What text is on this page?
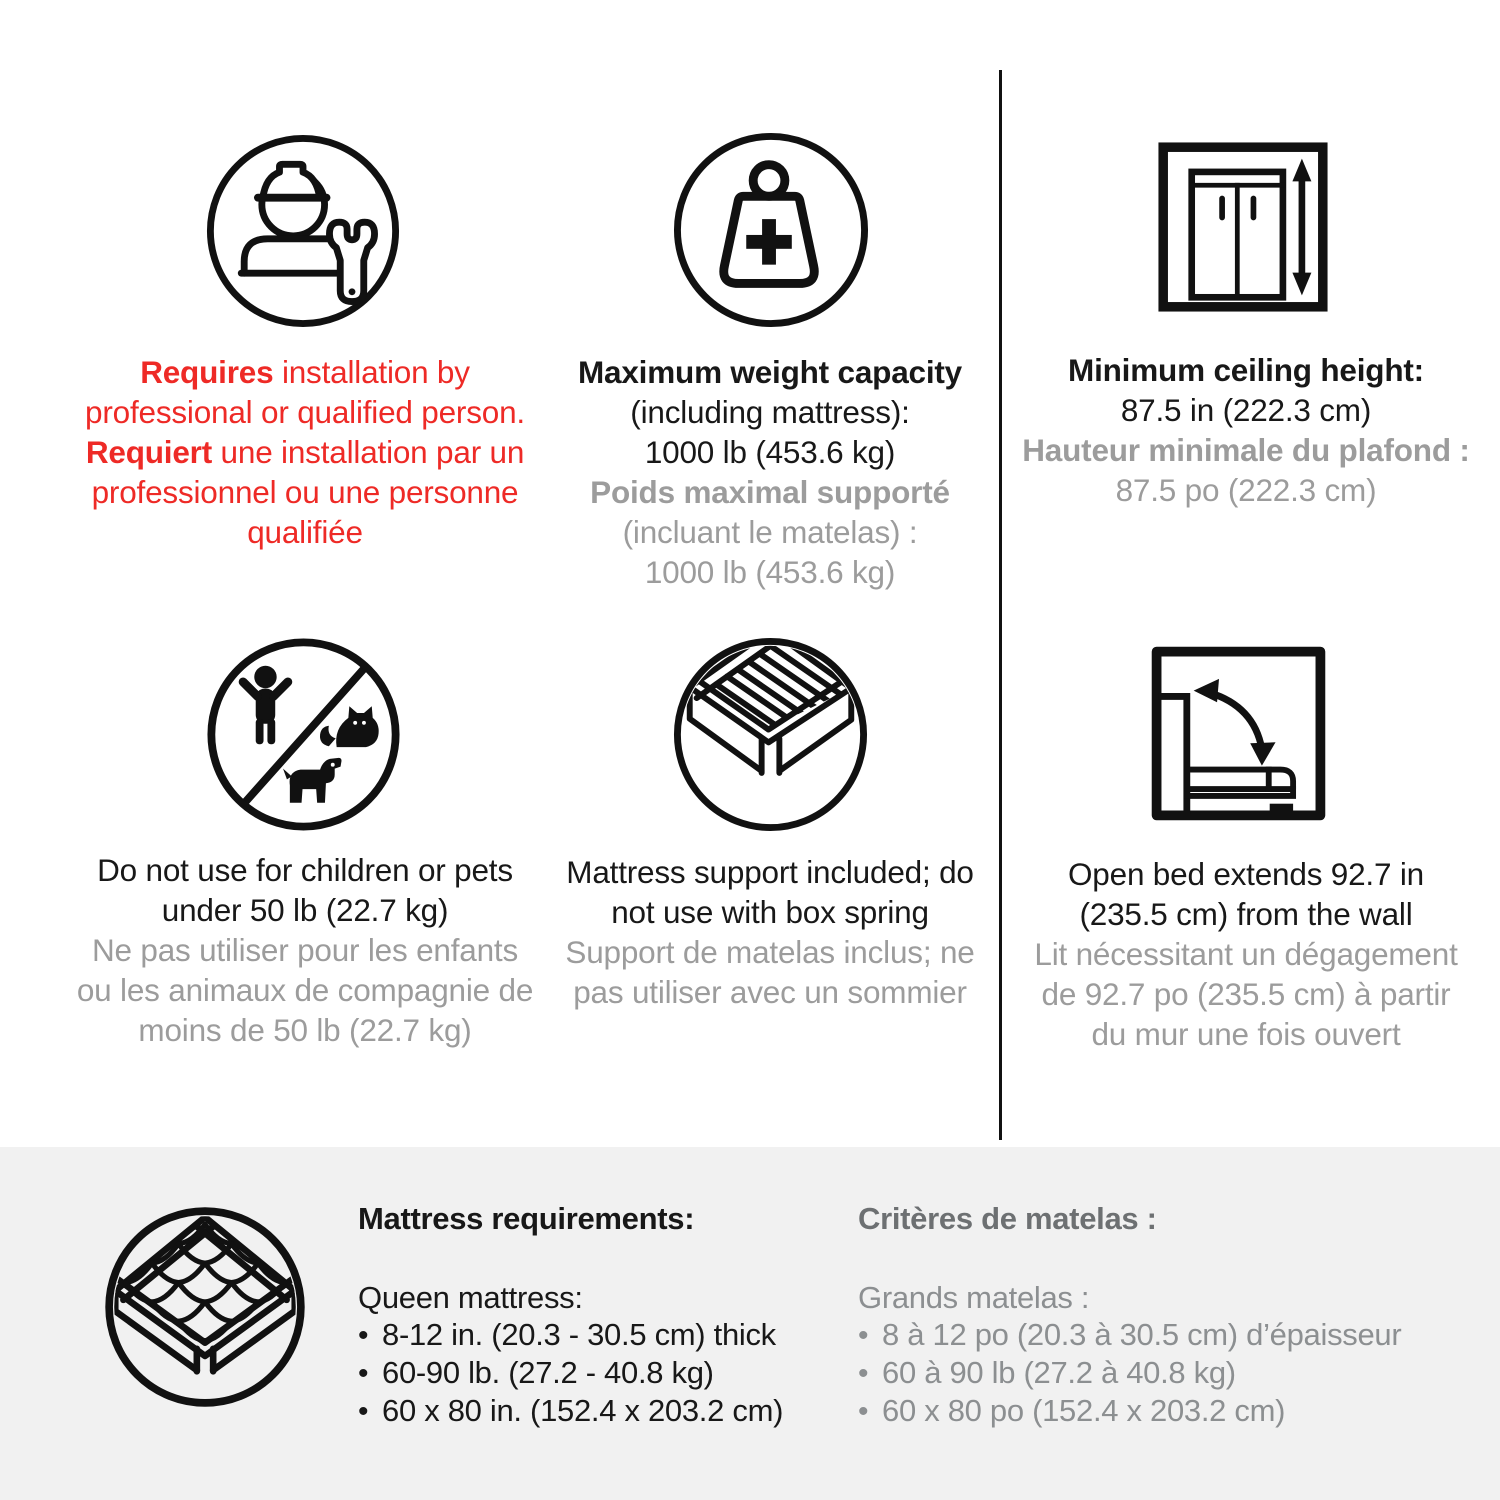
Requires installation by
professional or qualified person.
Requiert une installation par un
professionnel ou une personne
qualifiée
Maximum weight capacity
(including mattress):
1000 lb (453.6 kg)
Poids maximal supporté
(incluant le matelas) :
1000 lb (453.6 kg)
Minimum ceiling height:
87.5 in (222.3 cm)
Hauteur minimale du plafond :
87.5 po (222.3 cm)
Do not use for children or pets
under 50 lb (22.7 kg)
Ne pas utiliser pour les enfants
ou les animaux de compagnie de
moins de 50 lb (22.7 kg)
Mattress support included; do
not use with box spring
Support de matelas inclus; ne
pas utiliser avec un sommier
Open bed extends 92.7 in
(235.5 cm) from the wall
Lit nécessitant un dégagement
de 92.7 po (235.5 cm) à partir
du mur une fois ouvert
Mattress requirements:
Queen mattress:
• 8-12 in. (20.3 - 30.5 cm) thick
• 60-90 lb. (27.2 - 40.8 kg)
• 60 x 80 in. (152.4 x 203.2 cm)
Critères de matelas :
Grands matelas :
• 8 à 12 po (20.3 à 30.5 cm) d’épaisseur
• 60 à 90 lb (27.2 à 40.8 kg)
• 60 x 80 po (152.4 x 203.2 cm)
